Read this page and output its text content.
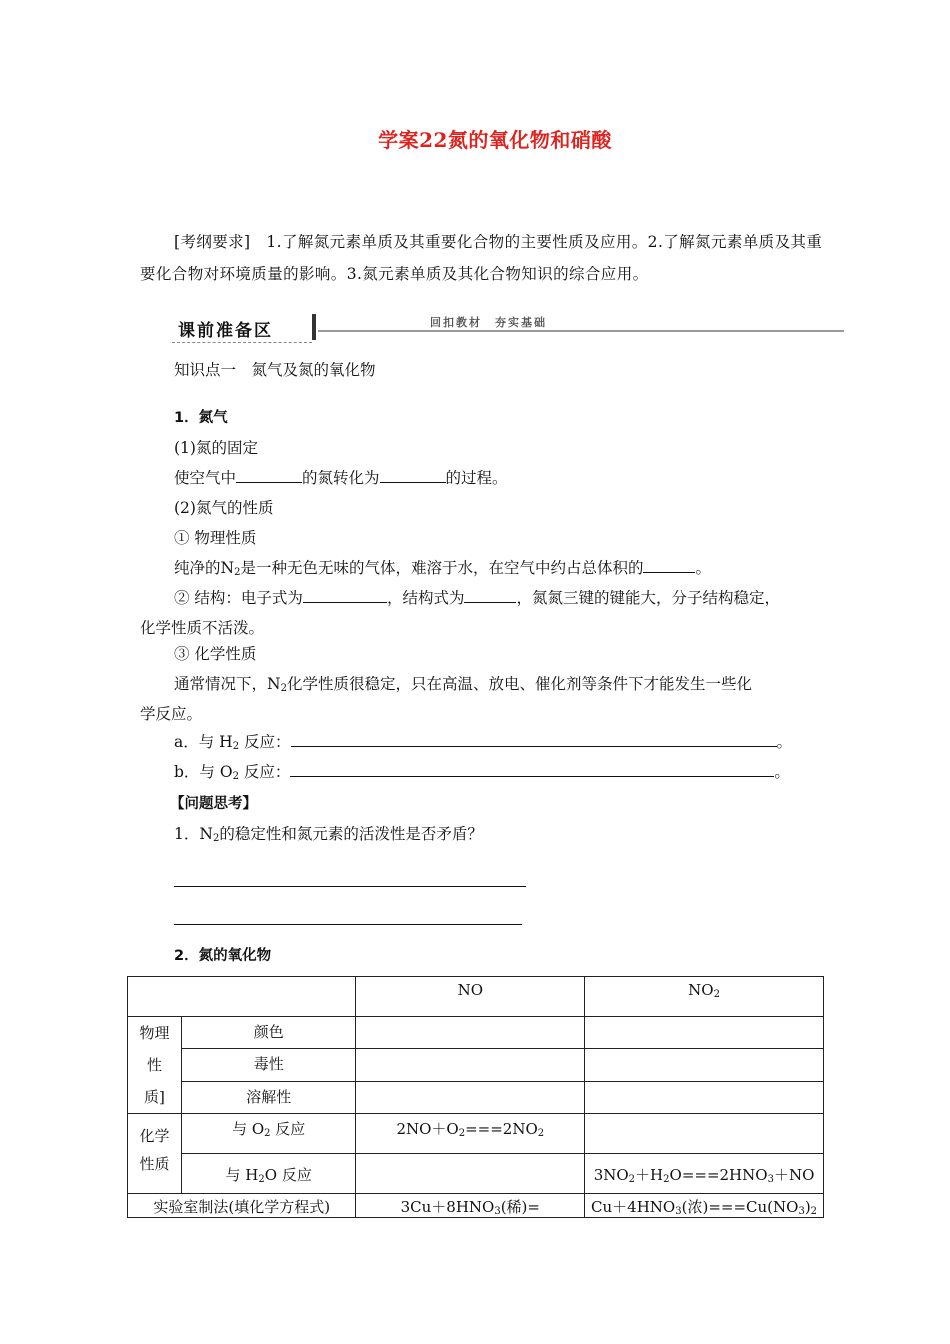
学案22氮的氧化物和硝酸
[考纲要求]　1.了解氮元素单质及其重要化合物的主要性质及应用。2.了解氮元素单质及其重要化合物对环境质量的影响。3.氮元素单质及其化合物知识的综合应用。
课前准备区	回扣教材　夯实基础
知识点一　氮气及氮的氧化物
1．氮气
(1)氮的固定
使空气中	的氮转化为	的过程。
(2)氮气的性质
① 物理性质
纯净的$N_2$是一种无色无味的气体，难溶于水，在空气中约占总体积的	。
② 结构：电子式为	，结构式为	，氮氮三键的键能大，分子结构稳定，
化学性质不活泼。
③ 化学性质
通常情况下，$N_2$化学性质很稳定，只在高温、放电、催化剂等条件下才能发生一些化
学反应。
a．与 $H_2$ 反应：	。
b．与 $O_2$ 反应：	。
【问题思考】
1．$N_2$的稳定性和氮元素的活泼性是否矛盾？
2．氮的氧化物
		NO	$NO_2$
物理
性
质]	颜色		
	毒性		
	溶解性		
化学
性质	与 $O_2$ 反应	$2NO+O_2===2NO_2$	
	与 $H_2O$ 反应		$3NO_2+H_2O===2HNO_3+NO$
实验室制法(填化学方程式)		$3Cu+8HNO_3$(稀)=	$Cu+4HNO_3$(浓)$===Cu(NO_3)_2$
